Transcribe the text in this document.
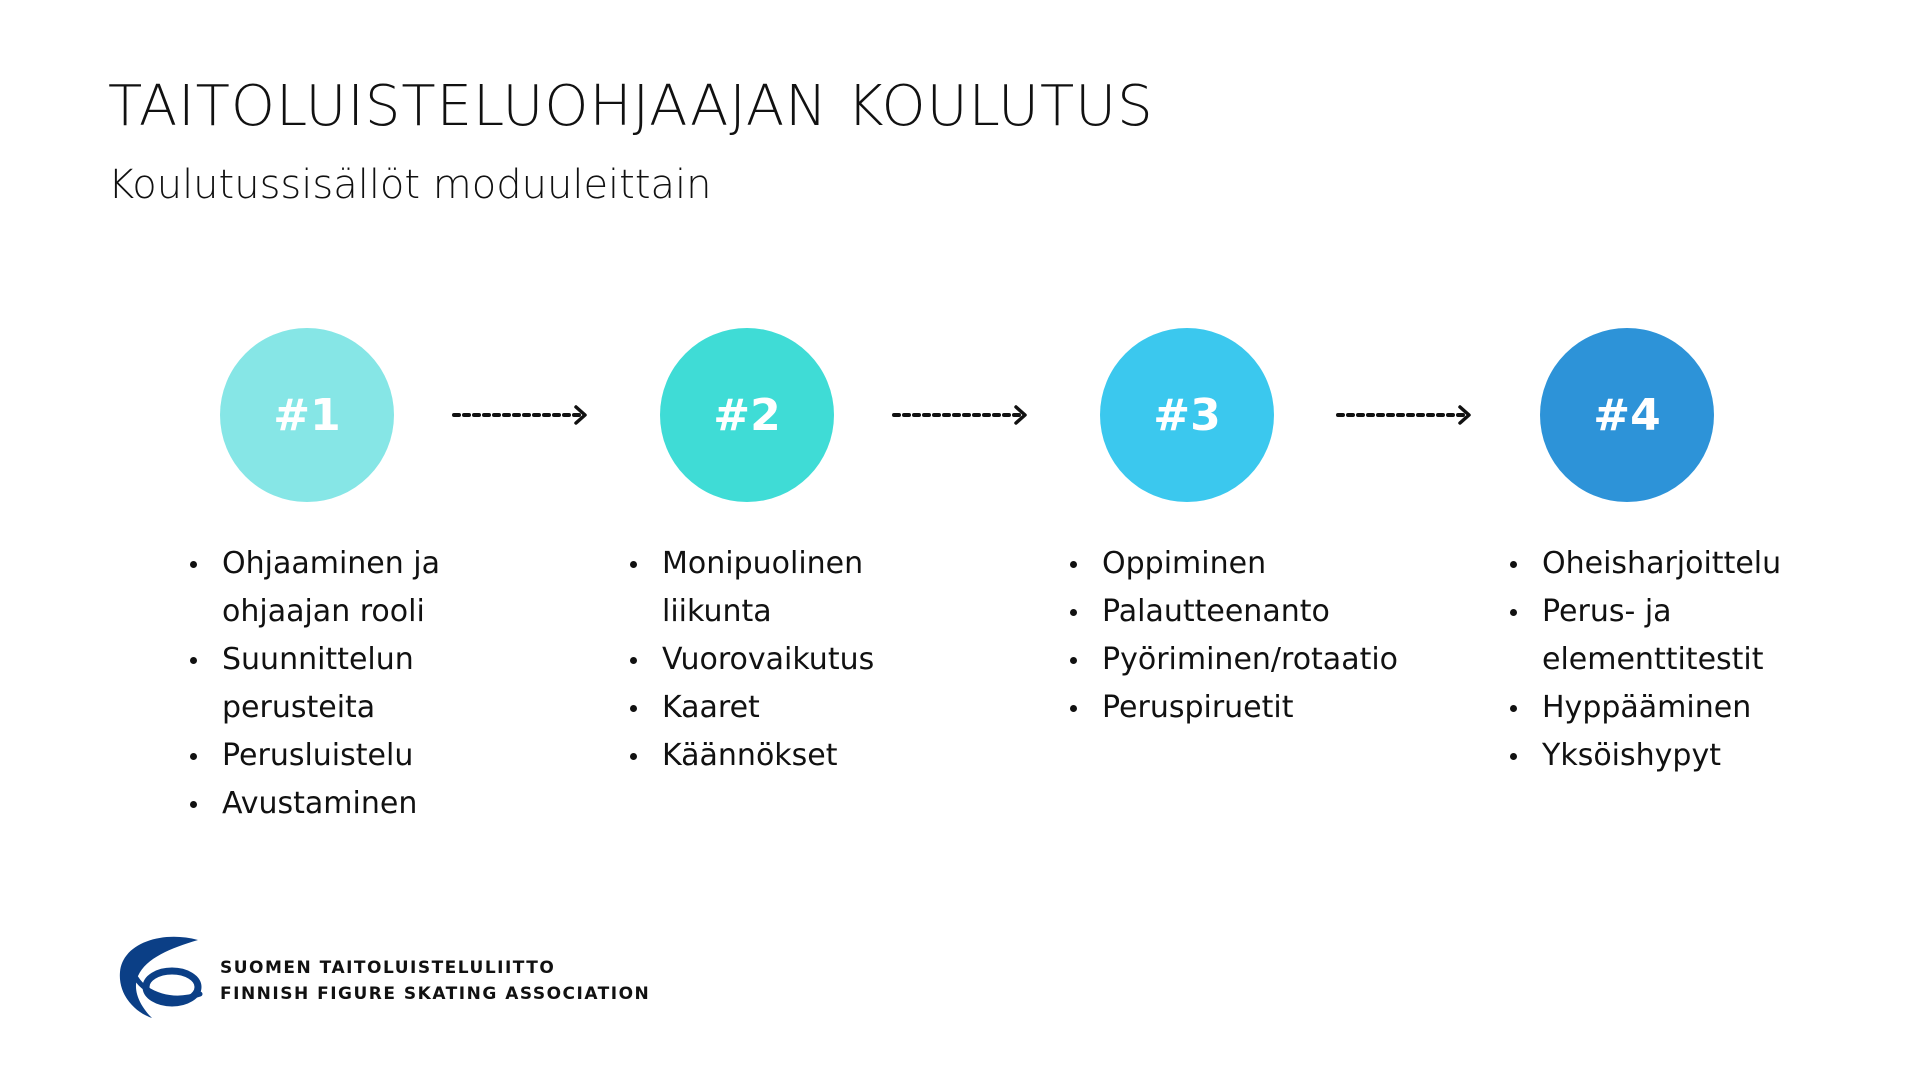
TAITOLUISTELUOHJAAJAN KOULUTUS
Koulutussisällöt moduuleittain
#1	#2	#3	#4
Ohjaaminen ja ohjaajan rooli
Suunnittelun perusteita
Perusluistelu
Avustaminen
Monipuolinen liikunta
Vuorovaikutus
Kaaret
Käännökset
Oppiminen
Palautteenanto
Pyöriminen/rotaatio
Peruspiruetit
Oheisharjoittelu
Perus- ja elementtitestit
Hyppääminen
Yksöishypyt
SUOMEN TAITOLUISTELULIITTO
FINNISH FIGURE SKATING ASSOCIATION
